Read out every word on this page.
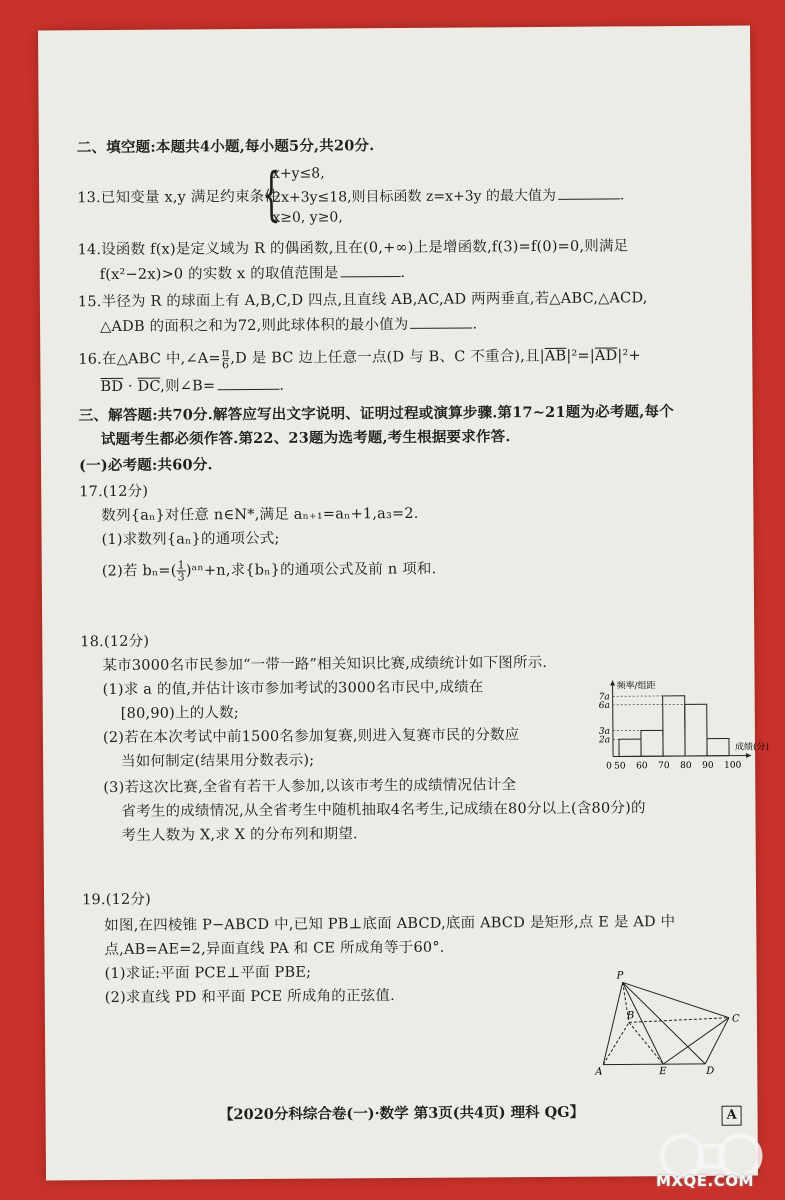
二、填空题:本题共4小题,每小题5分,共20分.
13.已知变量 x,y 满足约束条件
{
x+y≤8,
2x+3y≤18,则目标函数 z=x+3y 的最大值为	.
x≥0, y≥0,
14.设函数 f(x)是定义域为 R 的偶函数,且在(0,+∞)上是增函数,f(3)=f(0)=0,则满足
f(x²−2x)>0 的实数 x 的取值范围是	.
15.半径为 R 的球面上有 A,B,C,D 四点,且直线 AB,AC,AD 两两垂直,若△ABC,△ACD,
△ADB 的面积之和为72,则此球体积的最小值为	.
16.在△ABC 中,∠A= $\frac{\pi}{6} ,D$ 是 BC 边上任意一点(D 与 B、C 不重合),且$|\overline{AB}|^2=|\overline{AD}|^2+$
$\overline{BD} \cdot \overline{DC}$,则∠B=	.
三、解答题:共70分.解答应写出文字说明、证明过程或演算步骤.第17~21题为必考题,每个
试题考生都必须作答.第22、23题为选考题,考生根据要求作答.
(一)必考题:共60分.
17.(12分)
数列{aₙ}对任意 n∈N*,满足 aₙ₊₁=aₙ+1,a₃=2.
(1)求数列{aₙ}的通项公式;
(2)若 $b_n=( \frac{1}{3}$ )ᵃⁿ+n,求{bₙ}的通项公式及前 n 项和.
18.(12分)
某市3000名市民参加“一带一路”相关知识比赛,成绩统计如下图所示.
(1)求 a 的值,并估计该市参加考试的3000名市民中,成绩在
[80,90)上的人数;
(2)若在本次考试中前1500名参加复赛,则进入复赛市民的分数应
当如何制定(结果用分数表示);
(3)若这次比赛,全省有若干人参加,以该市考生的成绩情况估计全
省考生的成绩情况,从全省考生中随机抽取4名考生,记成绩在80分以上(含80分)的
考生人数为 X,求 X 的分布列和期望.
2a
3a
6a
7a
0 50 60 70 80 90 100
频率/组距
成绩(分)
19.(12分)
如图,在四棱锥 P−ABCD 中,已知 PB⊥底面 ABCD,底面 ABCD 是矩形,点 E 是 AD 中
点,AB=AE=2,异面直线 PA 和 CE 所成角等于60°.
(1)求证:平面 PCE⊥平面 PBE;
(2)求直线 PD 和平面 PCE 所成角的正弦值.
P
B	C
A	E	D
【2020分科综合卷(一)·数学 第3页(共4页) 理科 QG】	A
MXQE.COM
